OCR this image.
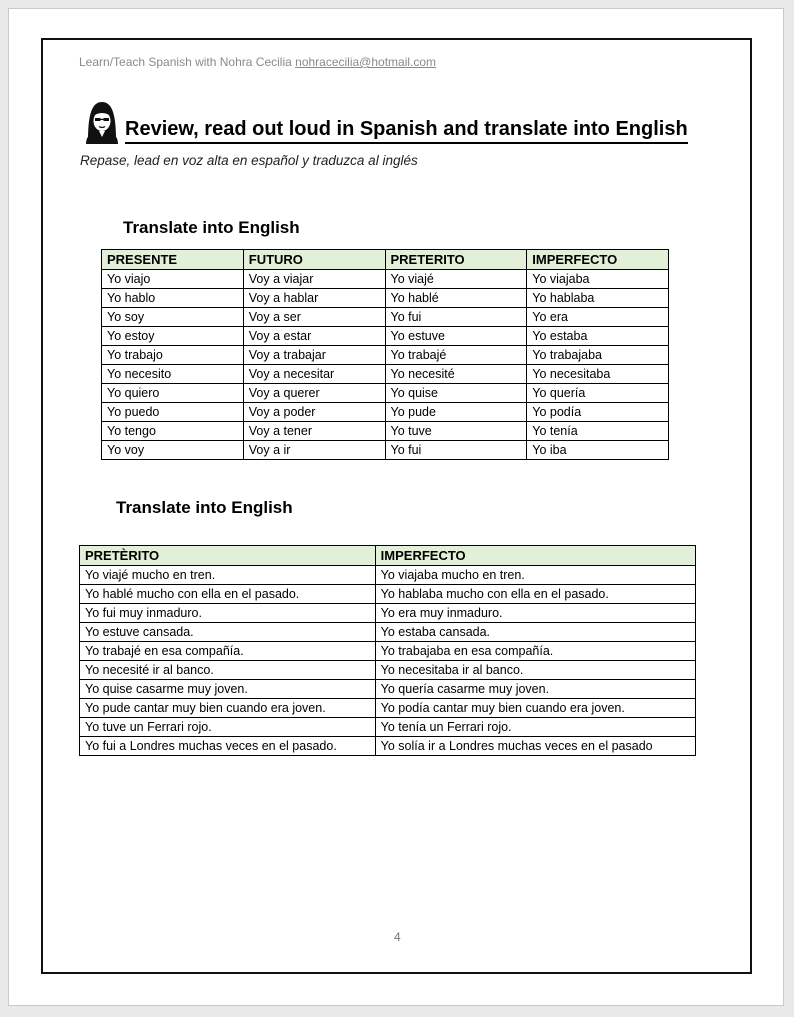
Learn/Teach Spanish with Nohra Cecilia nohracecilia@hotmail.com
Review, read out loud in Spanish and translate into English
Repase, lead en voz alta en español y traduzca al inglés
Translate into English
PRESENTE	FUTURO	PRETERITO	IMPERFECTO
Yo viajo	Voy a viajar	Yo viajé	Yo viajaba
Yo hablo	Voy a hablar	Yo hablé	Yo hablaba
Yo soy	Voy a ser	Yo fui	Yo era
Yo estoy	Voy a estar	Yo estuve	Yo estaba
Yo trabajo	Voy a trabajar	Yo trabajé	Yo trabajaba
Yo necesito	Voy a necesitar	Yo necesité	Yo necesitaba
Yo quiero	Voy a querer	Yo quise	Yo quería
Yo puedo	Voy a poder	Yo pude	Yo podía
Yo tengo	Voy a tener	Yo tuve	Yo tenía
Yo voy	Voy a ir	Yo fui	Yo iba
Translate into English
PRETÈRITO	IMPERFECTO
Yo viajé mucho en tren.	Yo viajaba mucho en tren.
Yo hablé mucho con ella en el pasado.	Yo hablaba mucho con ella en el pasado.
Yo fui muy inmaduro.	Yo era muy inmaduro.
Yo estuve cansada.	Yo estaba cansada.
Yo trabajé en esa compañía.	Yo trabajaba en esa compañía.
Yo necesité ir al banco.	Yo necesitaba ir al banco.
Yo quise casarme muy joven.	Yo quería casarme muy joven.
Yo pude cantar muy bien cuando era joven.	Yo podía cantar muy bien cuando era joven.
Yo tuve un Ferrari rojo.	Yo tenía un Ferrari rojo.
Yo fui a Londres muchas veces en el pasado.	Yo solía ir a Londres muchas veces en el pasado
4
